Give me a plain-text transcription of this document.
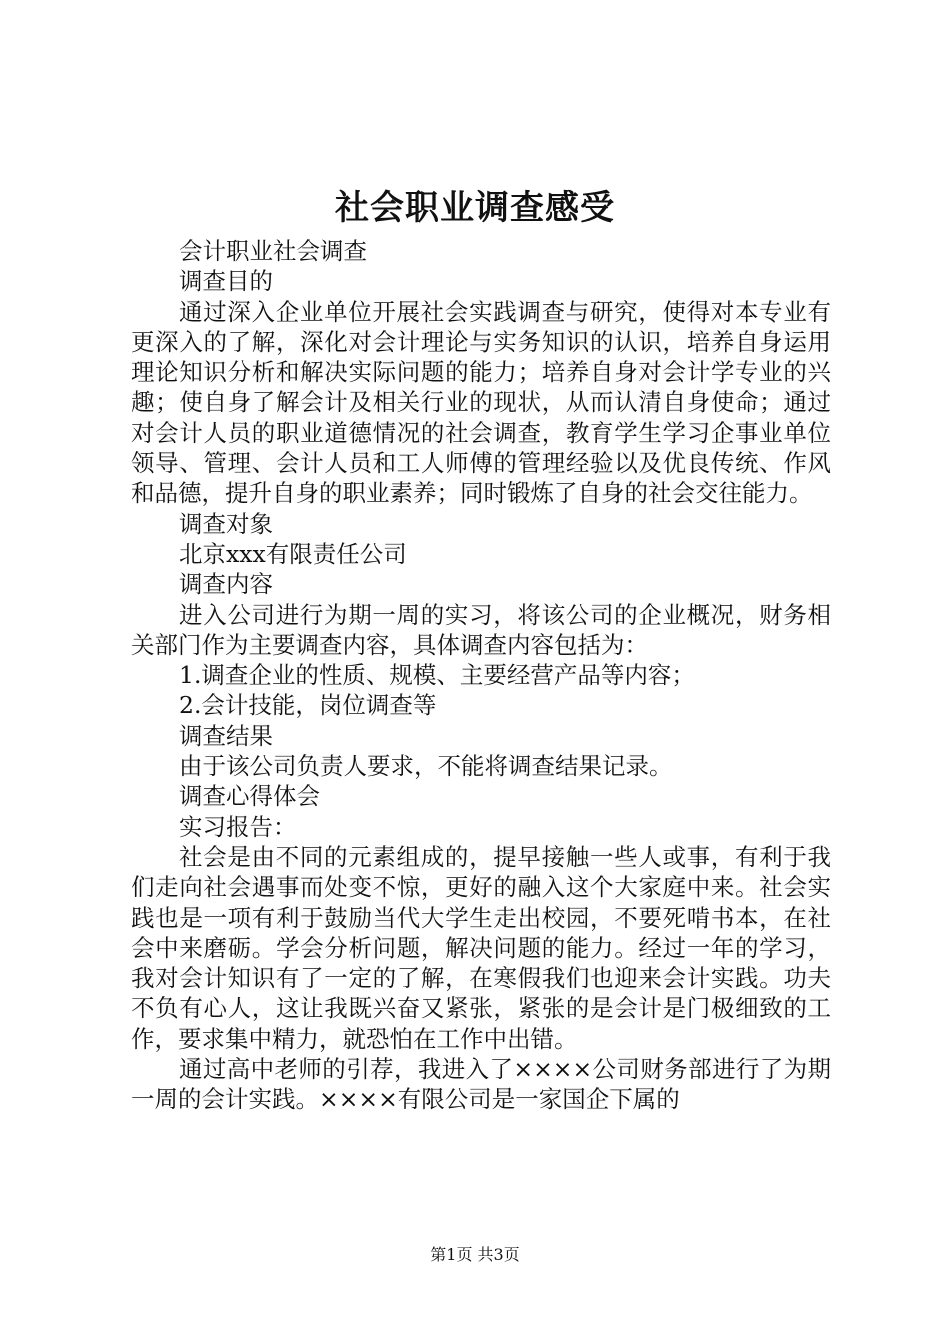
社会职业调查感受

会计职业社会调查

调查目的

通过深入企业单位开展社会实践调查与研究，使得对本专业有更深入的了解，深化对会计理论与实务知识的认识，培养自身运用理论知识分析和解决实际问题的能力；培养自身对会计学专业的兴趣；使自身了解会计及相关行业的现状，从而认清自身使命；通过对会计人员的职业道德情况的社会调查，教育学生学习企事业单位领导、管理、会计人员和工人师傅的管理经验以及优良传统、作风和品德，提升自身的职业素养；同时锻炼了自身的社会交往能力。

调查对象

北京xxx有限责任公司

调查内容

进入公司进行为期一周的实习，将该公司的企业概况，财务相关部门作为主要调查内容，具体调查内容包括为：

1.调查企业的性质、规模、主要经营产品等内容；

2.会计技能，岗位调查等

调查结果

由于该公司负责人要求，不能将调查结果记录。

调查心得体会

实习报告：

社会是由不同的元素组成的，提早接触一些人或事，有利于我们走向社会遇事而处变不惊，更好的融入这个大家庭中来。社会实践也是一项有利于鼓励当代大学生走出校园，不要死啃书本，在社会中来磨砺。学会分析问题，解决问题的能力。经过一年的学习，我对会计知识有了一定的了解，在寒假我们也迎来会计实践。功夫不负有心人，这让我既兴奋又紧张，紧张的是会计是门极细致的工作，要求集中精力，就恐怕在工作中出错。

通过高中老师的引荐，我进入了××××公司财务部进行了为期一周的会计实践。××××有限公司是一家国企下属的

第1页 共3页
